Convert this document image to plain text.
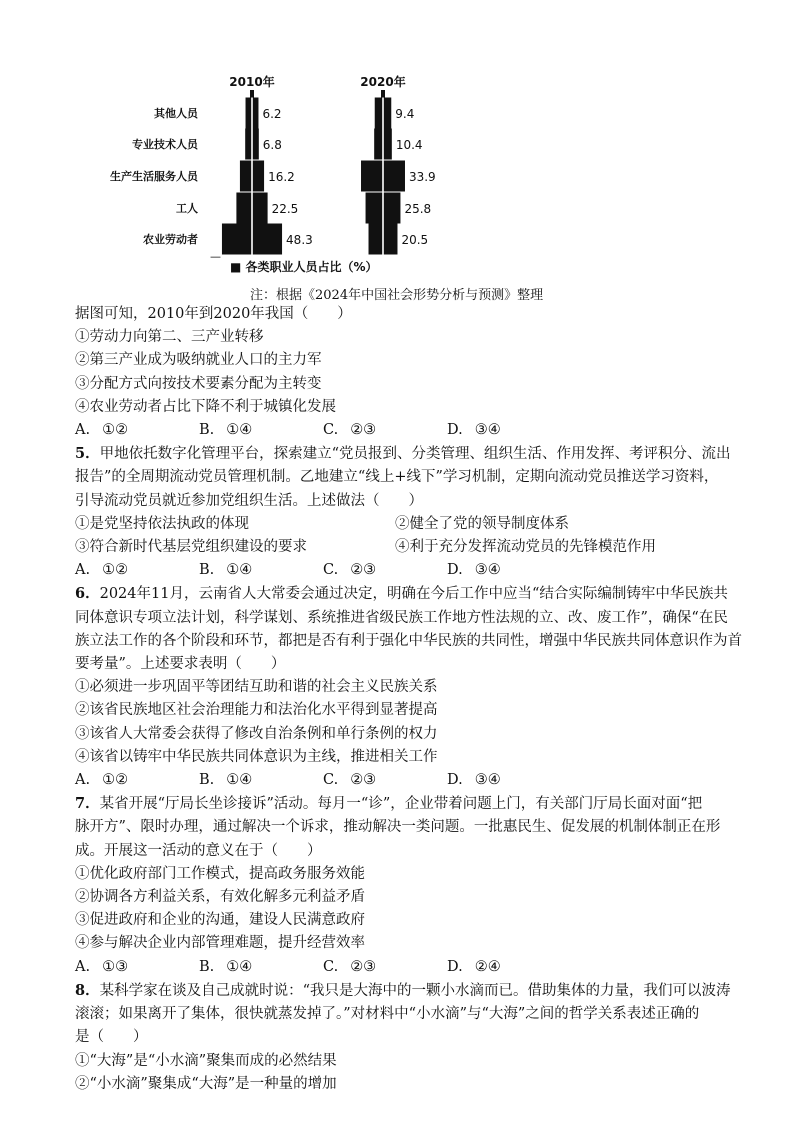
2010年
6.2
6.8
16.2
22.5
48.3
2020年
9.4
10.4
33.9
25.8
20.5
其他人员
专业技术人员
生产生活服务人员
工人
农业劳动者
—
■ 各类职业人员占比（%）
注：根据《2024年中国社会形势分析与预测》整理
据图可知，2010年到2020年我国（　　）
①劳动力向第二、三产业转移
②第三产业成为吸纳就业人口的主力军
③分配方式向按技术要素分配为主转变
④农业劳动者占比下降不利于城镇化发展
A. ①②	B. ①④	C. ②③	D. ③④
5．甲地依托数字化管理平台，探索建立“党员报到、分类管理、组织生活、作用发挥、考评积分、流出
报告”的全周期流动党员管理机制。乙地建立“线上+线下”学习机制，定期向流动党员推送学习资料，
引导流动党员就近参加党组织生活。上述做法（　　）
①是党坚持依法执政的体现	②健全了党的领导制度体系
③符合新时代基层党组织建设的要求	④利于充分发挥流动党员的先锋模范作用
A. ①②	B. ①④	C. ②③	D. ③④
6．2024年11月，云南省人大常委会通过决定，明确在今后工作中应当“结合实际编制铸牢中华民族共
同体意识专项立法计划，科学谋划、系统推进省级民族工作地方性法规的立、改、废工作”，确保“在民
族立法工作的各个阶段和环节，都把是否有利于强化中华民族的共同性，增强中华民族共同体意识作为首
要考量”。上述要求表明（　　）
①必须进一步巩固平等团结互助和谐的社会主义民族关系
②该省民族地区社会治理能力和法治化水平得到显著提高
③该省人大常委会获得了修改自治条例和单行条例的权力
④该省以铸牢中华民族共同体意识为主线，推进相关工作
A. ①②	B. ①④	C. ②③	D. ③④
7．某省开展“厅局长坐诊接诉”活动。每月一“诊”，企业带着问题上门，有关部门厅局长面对面“把
脉开方”、限时办理，通过解决一个诉求，推动解决一类问题。一批惠民生、促发展的机制体制正在形
成。开展这一活动的意义在于（　　）
①优化政府部门工作模式，提高政务服务效能
②协调各方利益关系，有效化解多元利益矛盾
③促进政府和企业的沟通，建设人民满意政府
④参与解决企业内部管理难题，提升经营效率
A. ①③	B. ①④	C. ②③	D. ②④
8．某科学家在谈及自己成就时说：“我只是大海中的一颗小水滴而已。借助集体的力量，我们可以波涛
滚滚；如果离开了集体，很快就蒸发掉了。”对材料中“小水滴”与“大海”之间的哲学关系表述正确的
是（　　）
①“大海”是“小水滴”聚集而成的必然结果
②“小水滴”聚集成“大海”是一种量的增加
